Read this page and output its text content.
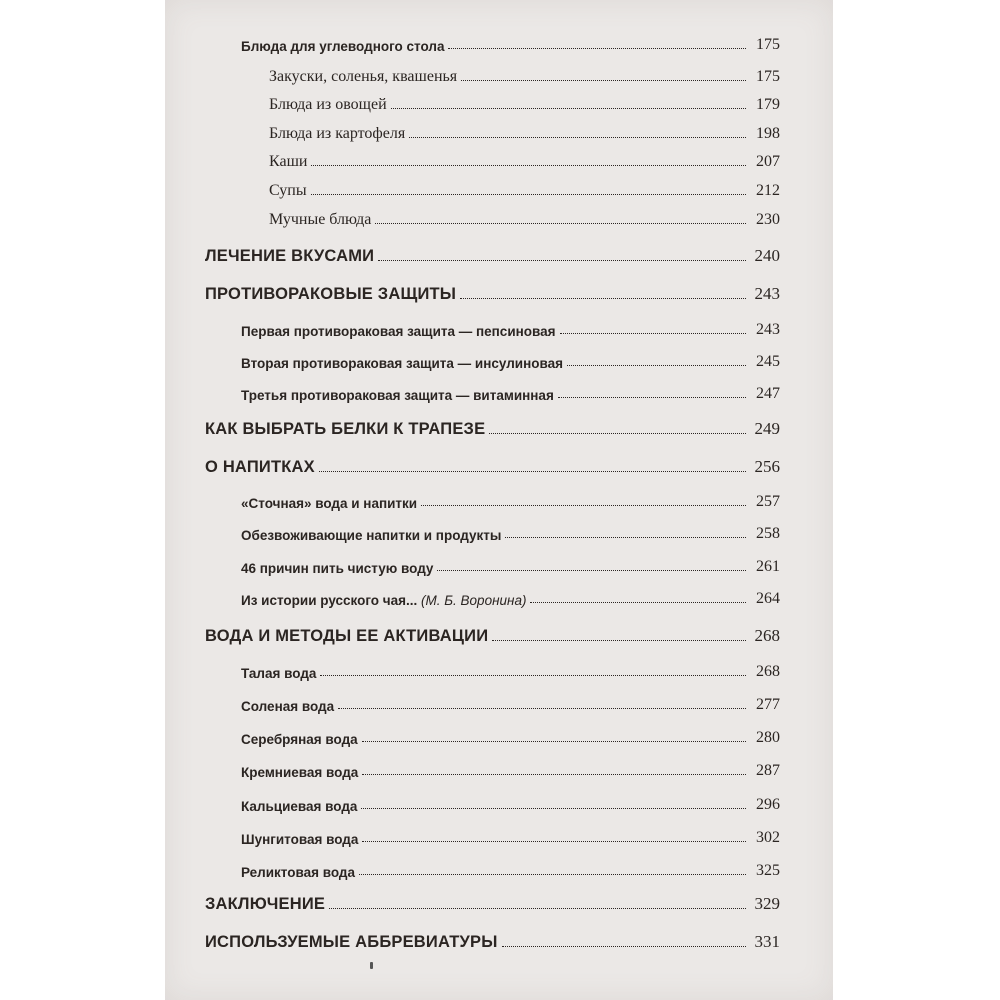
Блюда для углеводного стола	175
Закуски, соленья, квашенья	175
Блюда из овощей	179
Блюда из картофеля	198
Каши	207
Супы	212
Мучные блюда	230
ЛЕЧЕНИЕ ВКУСАМИ	240
ПРОТИВОРАКОВЫЕ ЗАЩИТЫ	243
Первая противораковая защита — пепсиновая	243
Вторая противораковая защита — инсулиновая	245
Третья противораковая защита — витаминная	247
КАК ВЫБРАТЬ БЕЛКИ К ТРАПЕЗЕ	249
О НАПИТКАХ	256
«Сточная» вода и напитки	257
Обезвоживающие напитки и продукты	258
46 причин пить чистую воду	261
Из истории русского чая... (М. Б. Воронина)	264
ВОДА И МЕТОДЫ ЕЕ АКТИВАЦИИ	268
Талая вода	268
Соленая вода	277
Серебряная вода	280
Кремниевая вода	287
Кальциевая вода	296
Шунгитовая вода	302
Реликтовая вода	325
ЗАКЛЮЧЕНИЕ	329
ИСПОЛЬЗУЕМЫЕ АББРЕВИАТУРЫ	331
